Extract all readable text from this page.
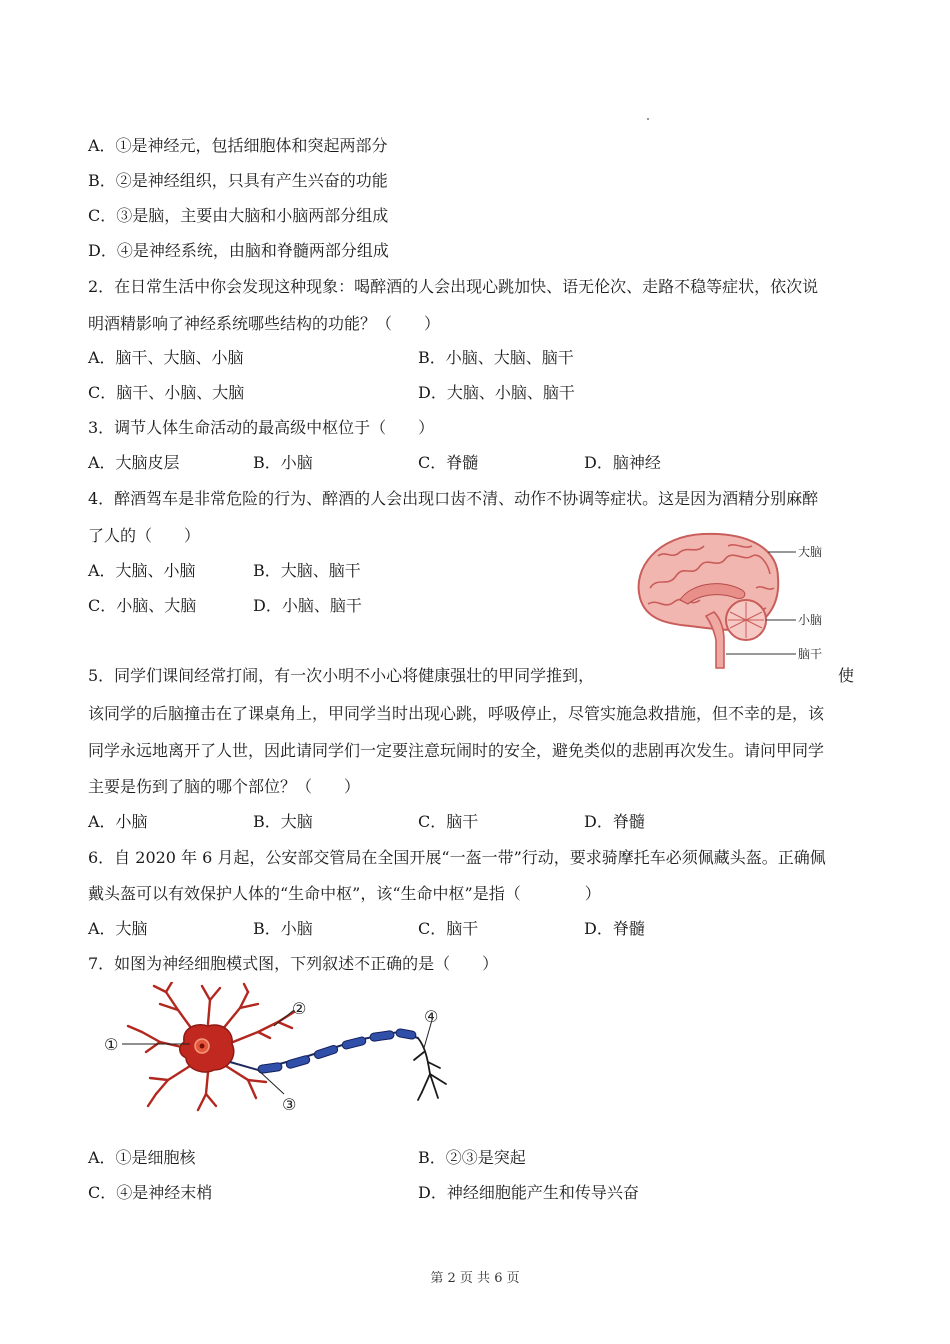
A．①是神经元，包括细胞体和突起两部分
B．②是神经组织，只具有产生兴奋的功能
C．③是脑，主要由大脑和小脑两部分组成
D．④是神经系统，由脑和脊髓两部分组成
2．在日常生活中你会发现这种现象：喝醉酒的人会出现心跳加快、语无伦次、走路不稳等症状，依次说
明酒精影响了神经系统哪些结构的功能？（　　）
A．脑干、大脑、小脑	B．小脑、大脑、脑干
C．脑干、小脑、大脑	D．大脑、小脑、脑干
3．调节人体生命活动的最高级中枢位于（　　）
A．大脑皮层	B．小脑	C．脊髓	D．脑神经
4．醉酒驾车是非常危险的行为、醉酒的人会出现口齿不清、动作不协调等症状。这是因为酒精分别麻醉
了人的（　　）
A．大脑、小脑	B．大脑、脑干
C．小脑、大脑	D．小脑、脑干
大脑
小脑
脑干
5．同学们课间经常打闹，有一次小明不小心将健康强壮的甲同学推到，	使
该同学的后脑撞击在了课桌角上，甲同学当时出现心跳，呼吸停止，尽管实施急救措施，但不幸的是，该
同学永远地离开了人世，因此请同学们一定要注意玩闹时的安全，避免类似的悲剧再次发生。请问甲同学
主要是伤到了脑的哪个部位？（　　）
A．小脑	B．大脑	C．脑干	D．脊髓
6．自 2020 年 6 月起，公安部交管局在全国开展“一盔一带”行动，要求骑摩托车必须佩藏头盔。正确佩
戴头盔可以有效保护人体的“生命中枢”，该“生命中枢”是指（　　　　）
A．大脑	B．小脑	C．脑干	D．脊髓
7．如图为神经细胞模式图，下列叙述不正确的是（　　）
①
②
③
④
A．①是细胞核	B．②③是突起
C．④是神经末梢	D．神经细胞能产生和传导兴奋
第 2 页 共 6 页
